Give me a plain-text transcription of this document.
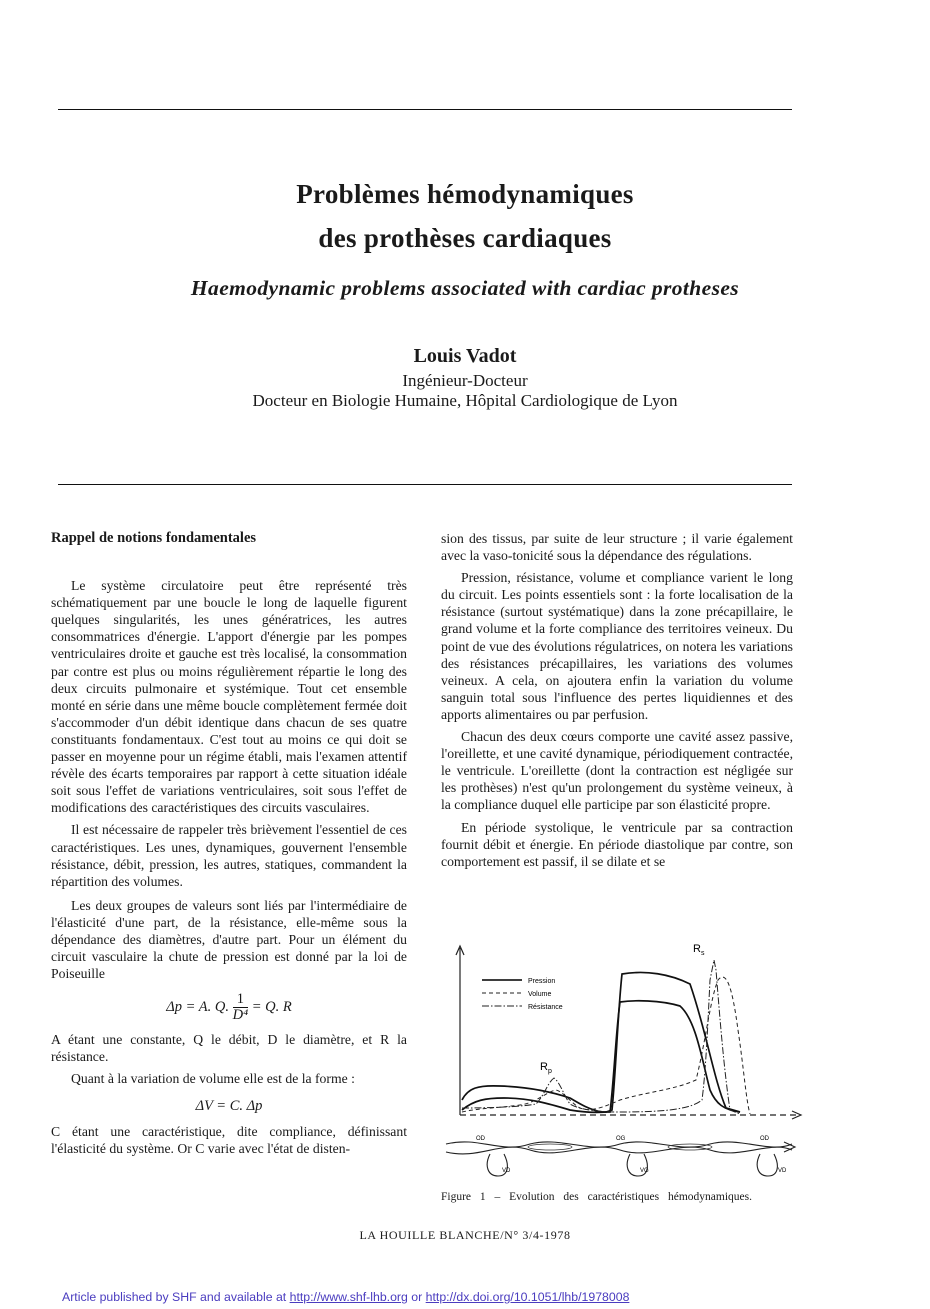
Problèmes hémodynamiques
des prothèses cardiaques
Haemodynamic problems associated with cardiac protheses
Louis Vadot
Ingénieur-Docteur
Docteur en Biologie Humaine, Hôpital Cardiologique de Lyon

Rappel de notions fondamentales

Le système circulatoire peut être représenté très schématiquement par une boucle le long de laquelle figurent quelques singularités, les unes génératrices, les autres consommatrices d'énergie. L'apport d'énergie par les pompes ventriculaires droite et gauche est très localisé, la consommation par contre est plus ou moins régulièrement répartie le long des deux circuits pulmonaire et systémique. Tout cet ensemble monté en série dans une même boucle complètement fermée doit s'accommoder d'un débit identique dans chacun de ses quatre constituants fondamentaux. C'est tout au moins ce qui doit se passer en moyenne pour un régime établi, mais l'examen attentif révèle des écarts temporaires par rapport à cette situation idéale soit sous l'effet de variations ventriculaires, soit sous l'effet de modifications des caractéristiques des circuits vasculaires.

Il est nécessaire de rappeler très brièvement l'essentiel de ces caractéristiques. Les unes, dynamiques, gouvernent l'ensemble résistance, débit, pression, les autres, statiques, commandent la répartition des volumes.

Les deux groupes de valeurs sont liés par l'intermédiaire de l'élasticité d'une part, de la résistance, elle-même sous la dépendance des diamètres, d'autre part. Pour un élément du circuit vasculaire la chute de pression est donné par la loi de Poiseuille

Δp = A. Q. $\frac{1}{\text{D⁴}} = Q$. R

A étant une constante, Q le débit, D le diamètre, et R la résistance.

Quant à la variation de volume elle est de la forme :

ΔV = C. Δp

C étant une caractéristique, dite compliance, définissant l'élasticité du système. Or C varie avec l'état de disten-

sion des tissus, par suite de leur structure ; il varie également avec la vaso-tonicité sous la dépendance des régulations.

Pression, résistance, volume et compliance varient le long du circuit. Les points essentiels sont : la forte localisation de la résistance (surtout systématique) dans la zone précapillaire, le grand volume et la forte compliance des territoires veineux. Du point de vue des évolutions régulatrices, on notera les variations des résistances précapillaires, les variations des volumes veineux. A cela, on ajoutera enfin la variation du volume sanguin total sous l'influence des pertes liquidiennes et des apports alimentaires ou par perfusion.

Chacun des deux cœurs comporte une cavité assez passive, l'oreillette, et une cavité dynamique, périodiquement contractée, le ventricule. L'oreillette (dont la contraction est négligée sur les prothèses) n'est qu'un prolongement du système veineux, à la compliance duquel elle participe par son élasticité propre.

En période systolique, le ventricule par sa contraction fournit débit et énergie. En période diastolique par contre, son comportement est passif, il se dilate et se

Pression
Volume
Résistance
$R_p$
$R_s$
OD
VD
OG
VG
OD
VD
Figure 1 – Evolution des caractéristiques hémodynamiques.
LA HOUILLE BLANCHE/N° 3/4-1978
Article published by SHF and available at http://www.shf-lhb.org or http://dx.doi.org/10.1051/lhb/1978008
